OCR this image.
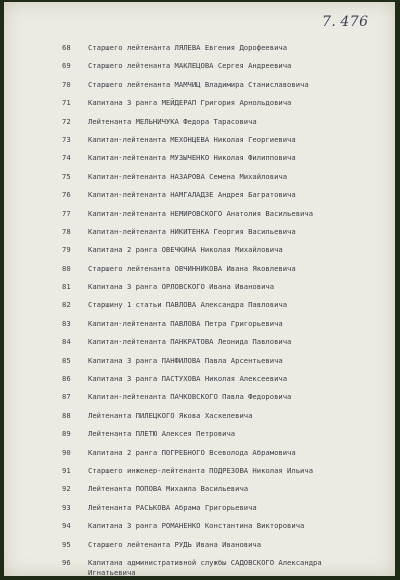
7. 476
68	Старшего лейтенанта ЛЯЛЕВА Евгения Дорофеевича
69	Старшего лейтенанта МАКЛЕЦОВА Сергея Андреевича
70	Старшего лейтенанта МАМЧИЦ Владимира Станиславовича
71	Капитана 3 ранга МЕЙДЕРАП Григория Арнольдовича
72	Лейтенанта МЕЛЬНИЧУКА Федора Тарасовича
73	Капитан-лейтенанта МЕХОНЦЕВА Николая Георгиевича
74	Капитан-лейтенанта МУЗЫЧЕНКО Николая Филипповича
75	Капитан-лейтенанта НАЗАРОВА Семена Михайловича
76	Капитан-лейтенанта НАМГАЛАДЗЕ Андрея Багратовича
77	Капитан-лейтенанта НЕМИРОВСКОГО Анатолия Васильевича
78	Капитан-лейтенанта НИКИТЕНКА Георгия Васильевича
79	Капитана 2 ранга ОВЕЧКИНА Николая Михайловича
80	Старшего лейтенанта ОВЧИННИКОВА Ивана Яковлевича
81	Капитана 3 ранга ОРЛОВСКОГО Ивана Ивановича
82	Старшину 1 статьи ПАВЛОВА Александра Павловича
83	Капитан-лейтенанта ПАВЛОВА Петра Григорьевича
84	Капитан-лейтенанта ПАНКРАТОВА Леонида Павловича
85	Капитана 3 ранга ПАНФИЛОВА Павла Арсентьевича
86	Капитана 3 ранга ПАСТУХОВА Николая Алексеевича
87	Капитан-лейтенанта ПАЧКОВСКОГО Павла Федоровича
88	Лейтенанта ПИЛЕЦКОГО Якова Хаскелевича
89	Лейтенанта ПЛЕТЮ Алексея Петровича
90	Капитана 2 ранга ПОГРЕБНОГО Всеволода Абрамовича
91	Старшего инженер-лейтенанта ПОДРЕЗОВА Николая Ильича
92	Лейтенанта ПОПОВА Михаила Васильевича
93	Лейтенанта РАСЬКОВА Абрама Григорьевича
94	Капитана 3 ранга РОМАНЕНКО Константина Викторовича
95	Старшего лейтенанта РУДЬ Ивана Ивановича
96	Капитана административной службы САДОВСКОГО Александра
Игнатьевича
